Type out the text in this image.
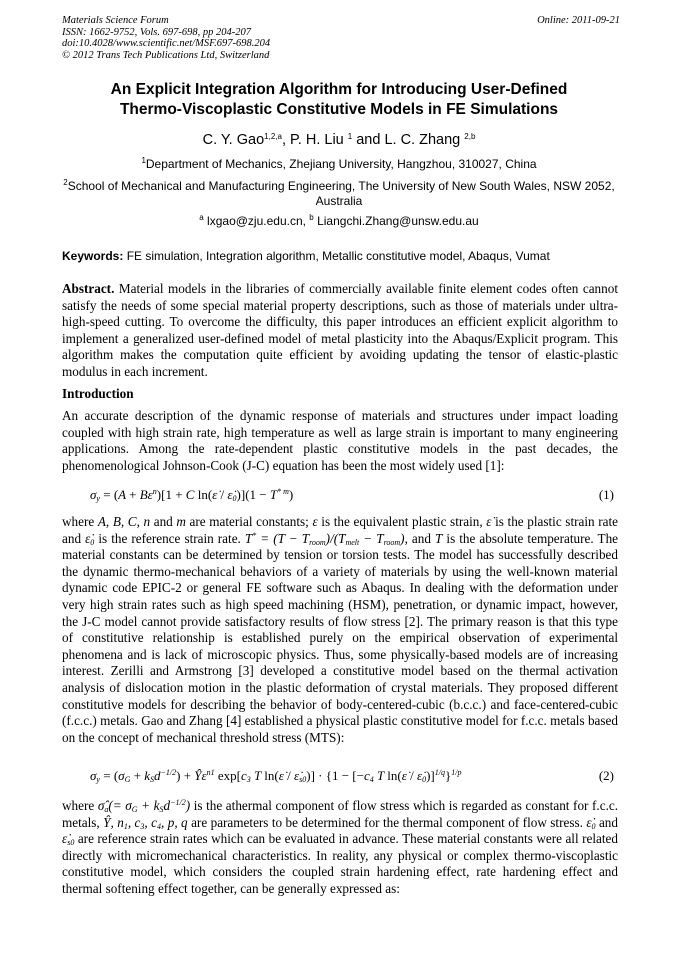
Materials Science Forum
ISSN: 1662-9752, Vols. 697-698, pp 204-207
doi:10.4028/www.scientific.net/MSF.697-698.204
© 2012 Trans Tech Publications Ltd, Switzerland
Online: 2011-09-21
An Explicit Integration Algorithm for Introducing User-Defined
Thermo-Viscoplastic Constitutive Models in FE Simulations
C. Y. Gao$^{1,2,a}$, P. H. Liu $^1$ and L. C. Zhang $^{2,b}$
$^1$Department of Mechanics, Zhejiang University, Hangzhou, 310027, China
$^2$School of Mechanical and Manufacturing Engineering, The University of New South Wales, NSW 2052, Australia
$^a$ lxgao@zju.edu.cn, $^b$ Liangchi.Zhang@unsw.edu.au
Keywords: FE simulation, Integration algorithm, Metallic constitutive model, Abaqus, Vumat
Abstract. Material models in the libraries of commercially available finite element codes often cannot satisfy the needs of some special material property descriptions, such as those of materials under ultra-high-speed cutting. To overcome the difficulty, this paper introduces an efficient explicit algorithm to implement a generalized user-defined model of metal plasticity into the Abaqus/Explicit program. This algorithm makes the computation quite efficient by avoiding updating the tensor of elastic-plastic modulus in each increment.
Introduction
An accurate description of the dynamic response of materials and structures under impact loading coupled with high strain rate, high temperature as well as large strain is important to many engineering applications. Among the rate-dependent plastic constitutive models in the past decades, the phenomenological Johnson-Cook (J-C) equation has been the most widely used [1]:
$\sigma_y = (A + B\varepsilon^n)[1 + C$ ln(ε̇ / $\varepsiloṅ_0)](1 - T^{* m})$	(1)
where A, B, C, n and m are material constants; ε is the equivalent plastic strain, ε̇ is the plastic strain rate and $\varepsiloṅ_0$ is the reference strain rate. $T^* = (T - T_{room})/(T_{melt} - T_{room})$, and T is the absolute temperature. The material constants can be determined by tension or torsion tests. The model has successfully described the dynamic thermo-mechanical behaviors of a variety of materials by using the well-known material dynamic code EPIC-2 or general FE software such as Abaqus. In dealing with the deformation under very high strain rates such as high speed machining (HSM), penetration, or dynamic impact, however, the J-C model cannot provide satisfactory results of flow stress [2]. The primary reason is that this type of constitutive relationship is established purely on the empirical observation of experimental phenomena and is lack of microscopic physics. Thus, some physically-based models are of increasing interest. Zerilli and Armstrong [3] developed a constitutive model based on the thermal activation analysis of dislocation motion in the plastic deformation of crystal materials. They proposed different constitutive models for describing the behavior of body-centered-cubic (b.c.c.) and face-centered-cubic (f.c.c.) metals. Gao and Zhang [4] established a physical plastic constitutive model for f.c.c. metals based on the concept of mechanical threshold stress (MTS):
$\sigma_y = (\sigma_G + k_Sd^{-1/2})$ + $Ŷ\varepsilon^{n1}$ $\exp[c_3$ T ln(ε̇ / $\varepsiloṅ_{s0})] \cdot \{1 - [-c_4$ T ln(ε̇ / $\varepsiloṅ_0)]^{1/q}\}^{1/p}$	(2)
where $\sigmâ_a(= \sigma_G + k_Sd^{-1/2})$ is the athermal component of flow stress which is regarded as constant for f.c.c. metals, Ŷ, $n_1$, $c_3$, $c_4$, p, q are parameters to be determined for the thermal component of flow stress. $\varepsiloṅ_0$ and $\varepsiloṅ_{s0}$ are reference strain rates which can be evaluated in advance. These material constants were all related directly with micromechanical characteristics. In reality, any physical or complex thermo-viscoplastic constitutive model, which considers the coupled strain hardening effect, rate hardening effect and thermal softening effect together, can be generally expressed as:
